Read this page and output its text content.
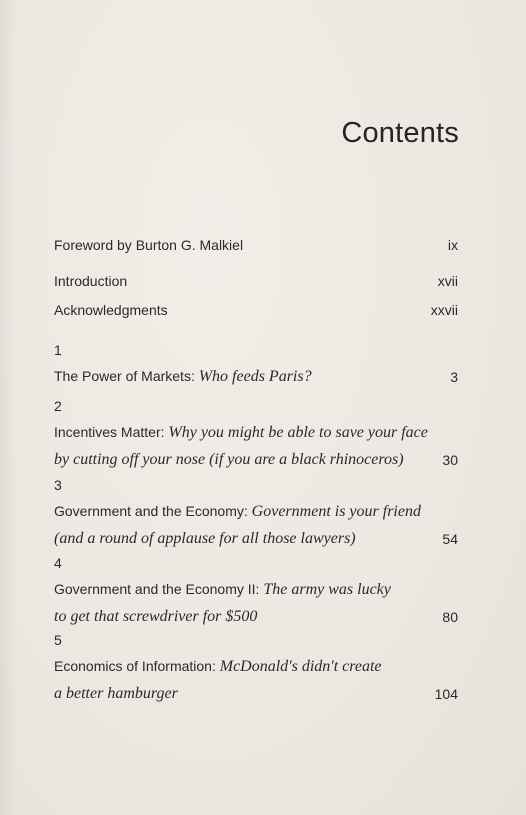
Contents
Foreword by Burton G. Malkiel	ix
Introduction	xvii
Acknowledgments	xxvii
1
The Power of Markets: Who feeds Paris?	3
2
Incentives Matter: Why you might be able to save your face
by cutting off your nose (if you are a black rhinoceros)	30
3
Government and the Economy: Government is your friend
(and a round of applause for all those lawyers)	54
4
Government and the Economy II: The army was lucky
to get that screwdriver for $500	80
5
Economics of Information: McDonald's didn't create
a better hamburger	104
